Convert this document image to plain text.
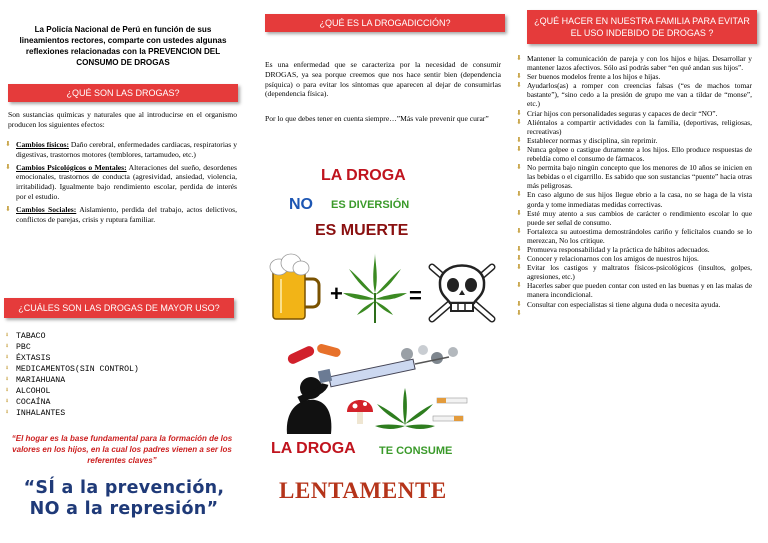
La Policía Nacional de Perú en función de sus lineamientos rectores, comparte con ustedes algunas reflexiones relacionadas con la PREVENCION DEL CONSUMO DE DROGAS
¿QUÉ SON LAS DROGAS?

Son sustancias químicas y naturales que al introducirse en el organismo producen los siguientes efectos:

⬇ Cambios físicos: Daño cerebral, enfermedades cardiacas, respiratorias y digestivas, trastornos motores (temblores, tartamudeo, etc.)
⬇ Cambios Psicológicos o Mentales: Alteraciones del sueño, desordenes emocionales, trastornos de conducta (agresividad, ansiedad, violencia, irritabilidad). Igualmente bajo rendimiento escolar, perdida de interés por el estudio.
⬇ Cambios Sociales: Aislamiento, perdida del trabajo, actos delictivos, conflictos de parejas, crisis y ruptura familiar.
¿CUÁLES SON LAS DROGAS DE MAYOR USO?
⬇ TABACO
⬇ PBC
⬇ ÉXTASIS
⬇ MEDICAMENTOS(SIN CONTROL)
⬇ MARIAHUANA
⬇ ALCOHOL
⬇ COCAÍNA
⬇ INHALANTES
“El hogar es la base fundamental para la formación de los valores en los hijos, en la cual los padres vienen a ser los referentes claves”
“SÍ a la prevención, NO a la represión”
¿QUÉ ES LA DROGADICCIÓN?

Es una enfermedad que se caracteriza por la necesidad de consumir DROGAS, ya sea porque creemos que nos hace sentir bien (dependencia psíquica) o para evitar los síntomas que aparecen al dejar de consumirlas (dependencia física).

Por lo que debes tener en cuenta siempre…”Más vale prevenir que curar”

LA DROGA
NO ES DIVERSIÓN
ES MUERTE
+	=
LA DROGA TE CONSUME
LENTAMENTE
¿QUÉ HACER EN NUESTRA FAMILIA PARA EVITAR EL USO INDEBIDO DE DROGAS ?
⬇ Mantener la comunicación de pareja y con los hijos e hijas. Desarrollar y mantener lazos afectivos. Sólo así podrás saber “en qué andan sus hijos”.
⬇ Ser buenos modelos frente a los hijos e hijas.
⬇ Ayudarlos(as) a romper con creencias falsas (“es de machos tomar bastante”), “sino cedo a la presión de grupo me van a tildar de “monse”, etc.)
⬇ Criar hijos con personalidades seguras y capaces de decir “NO”.
⬇ Aliéntalos a compartir actividades con la familia, (deportivas, religiosas, recreativas)
⬇ Establecer normas y disciplina, sin reprimir.
⬇ Nunca golpee o castigue duramente a los hijos. Ello produce respuestas de rebeldía como el consumo de fármacos.
⬇ No permita bajo ningún concepto que los menores de 10 años se inicien en las bebidas o el cigarrillo. Es sabido que son sustancias “puente” hacia otras más peligrosas.
⬇ En caso alguno de sus hijos llegue ebrio a la casa, no se haga de la vista gorda y tome inmediatas medidas correctivas.
⬇ Esté muy atento a sus cambios de carácter o rendimiento escolar lo que puede ser señal de consumo.
⬇ Fortalezca su autoestima demostrándoles cariño y felicítalos cuando se lo merezcan, No los critique.
⬇ Promueva responsabilidad y la práctica de hábitos adecuados.
⬇ Conocer y relacionarnos con los amigos de nuestros hijos.
⬇ Evitar los castigos y maltratos físicos-psicológicos (insultos, golpes, agresiones, etc.)
⬇ Hacerles saber que pueden contar con usted en las buenas y en las malas de manera incondicional.
⬇ Consultar con especialistas si tiene alguna duda o necesita ayuda.
